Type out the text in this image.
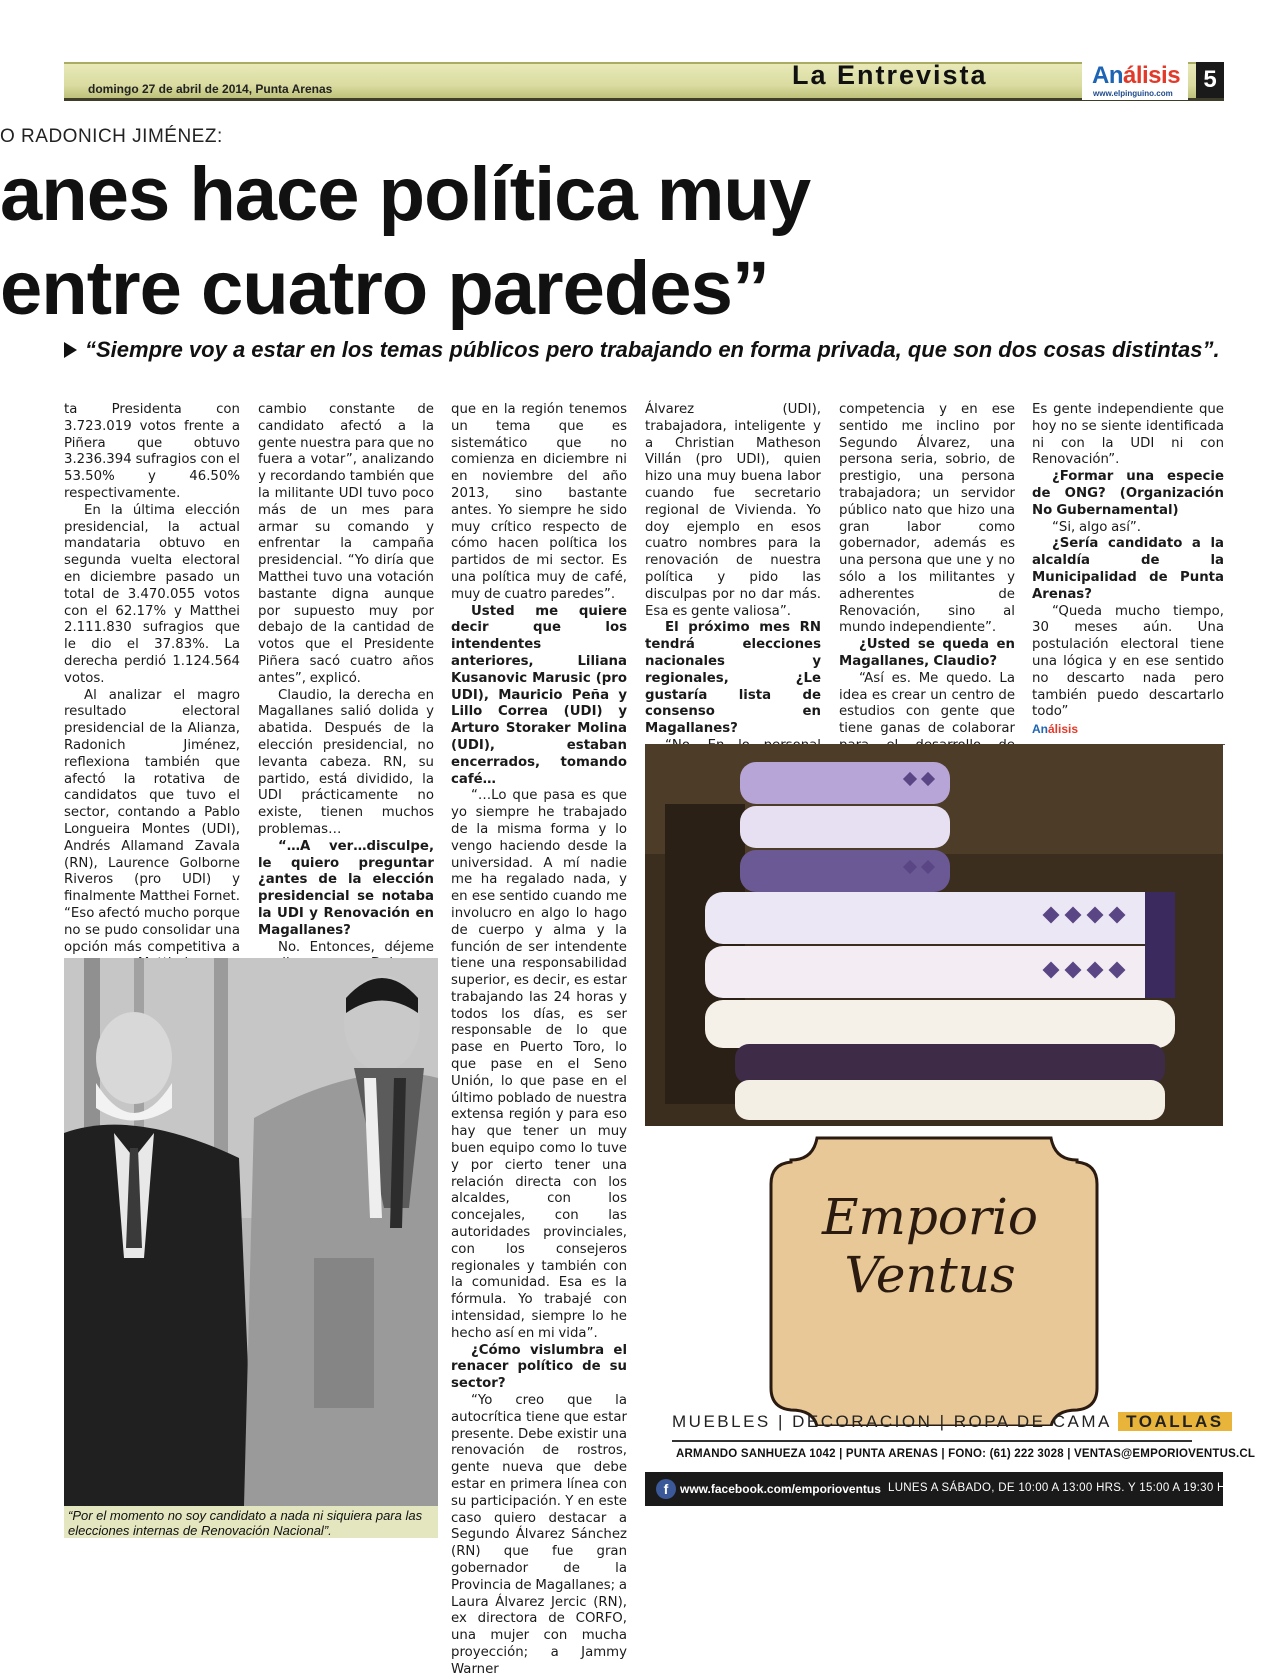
domingo 27 de abril de 2014, Punta Arenas	La Entrevista	Análisis
www.elpinguino.com
5
O RADONICH JIMÉNEZ:
anes hace política muy
entre cuatro paredes”
“Siempre voy a estar en los temas públicos pero trabajando en forma privada, que son dos cosas distintas”.

ta Presidenta con 3.723.019 votos frente a Piñera que obtuvo 3.236.394 sufragios con el 53.50% y 46.50% respectivamente.

En la última elección presidencial, la actual mandataria obtuvo en segunda vuelta electoral en diciembre pasado un total de 3.470.055 votos con el 62.17% y Matthei 2.111.830 sufragios que le dio el 37.83%. La derecha perdió 1.124.564 votos.

Al analizar el magro resultado electoral presidencial de la Alianza, Radonich Jiménez, reflexiona también que afectó la rotativa de candidatos que tuvo el sector, contando a Pablo Longueira Montes (UDI), Andrés Allamand Zavala (RN), Laurence Golborne Riveros (pro UDI) y finalmente Matthei Fornet. “Eso afectó mucho porque no se pudo consolidar una opción más competitiva a

cambio constante de candidato afectó a la gente nuestra para que no fuera a votar”, analizando y recordando también que la militante UDI tuvo poco más de un mes para armar su comando y enfrentar la campaña presidencial. “Yo diría que Matthei tuvo una votación bastante digna aunque por supuesto muy por debajo de la cantidad de votos que el Presidente Piñera sacó cuatro años antes”, explicó.

Claudio, la derecha en Magallanes salió dolida y abatida. Después de la elección presidencial, no levanta cabeza. RN, su partido, está dividido, la UDI prácticamente no existe, tienen muchos problemas…

“…A ver…disculpe, le quiero preguntar ¿antes de la elección presidencial se notaba la UDI y Renovación en Magallanes?

No. Entonces, déjeme

que en la región tenemos un tema que es sistemático que no comienza en diciembre ni en noviembre del año 2013, sino bastante antes. Yo siempre he sido muy crítico respecto de cómo hacen política los partidos de mi sector. Es una política muy de café, muy de cuatro paredes”.

Usted me quiere decir que los intendentes anteriores, Liliana Kusanovic Marusic (pro UDI), Mauricio Peña y Lillo Correa (UDI) y Arturo Storaker Molina (UDI), estaban encerrados, tomando café…

“…Lo que pasa es que yo siempre he trabajado de la misma forma y lo vengo haciendo desde la universidad. A mí nadie me ha regalado nada, y en ese sentido cuando me involucro en algo lo hago de cuerpo y alma y la función de ser intendente tiene una responsabilidad superior, es decir, es estar trabajando las 24 horas y todos los días, es ser responsable de lo que pase en Puerto Toro, lo que pase en el Seno Unión, lo que pase en el último poblado de nuestra extensa región y para eso hay que tener un muy buen equipo como lo tuve y por cierto tener una relación directa con los alcaldes, con los concejales, con las autoridades provinciales, con los consejeros regionales y también con la comunidad. Esa es la fórmula. Yo trabajé con intensidad, siempre lo he hecho así en mi vida”.

¿Cómo vislumbra el renacer político de su sector?

“Yo creo que la autocrítica tiene que estar presente. Debe existir una renovación de rostros, gente nueva que debe estar en primera línea con su participación. Y en este caso quiero destacar a Segundo Álvarez Sánchez (RN) que fue gran gobernador de la Provincia de Magallanes; a Laura Álvarez Jercic (RN), ex directora de CORFO, una mujer con mucha proyección; a Jammy Warner

Álvarez (UDI), trabajadora, inteligente y a Christian Matheson Villán (pro UDI), quien hizo una muy buena labor cuando fue secretario regional de Vivienda. Yo doy ejemplo en esos cuatro nombres para la renovación de nuestra política y pido las disculpas por no dar más. Esa es gente valiosa”.

El próximo mes RN tendrá elecciones nacionales y regionales, ¿Le gustaría lista de consenso en Magallanes?

competencia y en ese sentido me inclino por Segundo Álvarez, una persona seria, sobrio, de prestigio, una persona trabajadora; un servidor público nato que hizo una gran labor como gobernador, además es una persona que une y no sólo a los militantes y adherentes de Renovación, sino al mundo independiente”.

¿Usted se queda en Magallanes, Claudio?

“Así es. Me quedo. La idea es crear un centro de estudios con gente que tiene ganas de colaborar

Es gente independiente que hoy no se siente identificada ni con la UDI ni con Renovación”.

¿Formar una especie de ONG? (Organización No Gubernamental)

“Si, algo así”.

¿Sería candidato a la alcaldía de la Municipalidad de Punta Arenas?

“Queda mucho tiempo, 30 meses aún. Una postulación electoral tiene una lógica y en ese sentido no descarto nada pero también puedo descartarlo todo”

Análisis
“Por el momento no soy candidato a nada ni siquiera para las elecciones internas de Renovación Nacional”.
Emporio
Ventus
MUEBLES | DECORACION | ROPA DE CAMA TOALLAS
ARMANDO SANHUEZA 1042 | PUNTA ARENAS | FONO: (61) 222 3028 | VENTAS@EMPORIOVENTUS.CL
f www.facebook.com/emporioventus LUNES A SÁBADO, DE 10:00 A 13:00 HRS. Y 15:00 A 19:30 HRS.
